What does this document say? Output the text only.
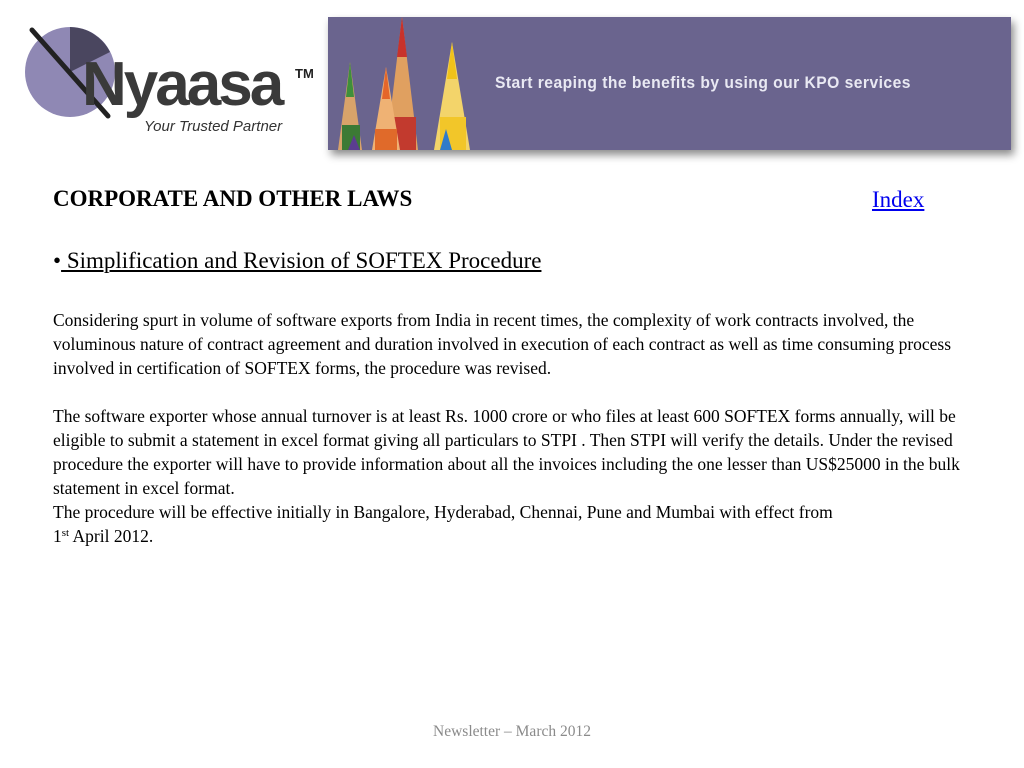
Nyaasa TM
Your Trusted Partner
Start reaping the benefits by using our KPO services
CORPORATE AND OTHER LAWS	Index
• Simplification and Revision of SOFTEX Procedure

Considering spurt in volume of software exports from India in recent times, the complexity of work contracts involved, the voluminous nature of contract agreement and duration involved in execution of each contract as well as time consuming process involved in certification of SOFTEX forms, the procedure was revised.

The software exporter whose annual turnover is at least Rs. 1000 crore or who files at least 600 SOFTEX forms annually, will be eligible to submit a statement in excel format giving all particulars to STPI . Then STPI will verify the details. Under the revised procedure the exporter will have to provide information about all the invoices including the one lesser than US$25000 in the bulk statement in excel format.

The procedure will be effective initially in Bangalore, Hyderabad, Chennai, Pune and Mumbai with effect from
1st April 2012.

Newsletter – March 2012
